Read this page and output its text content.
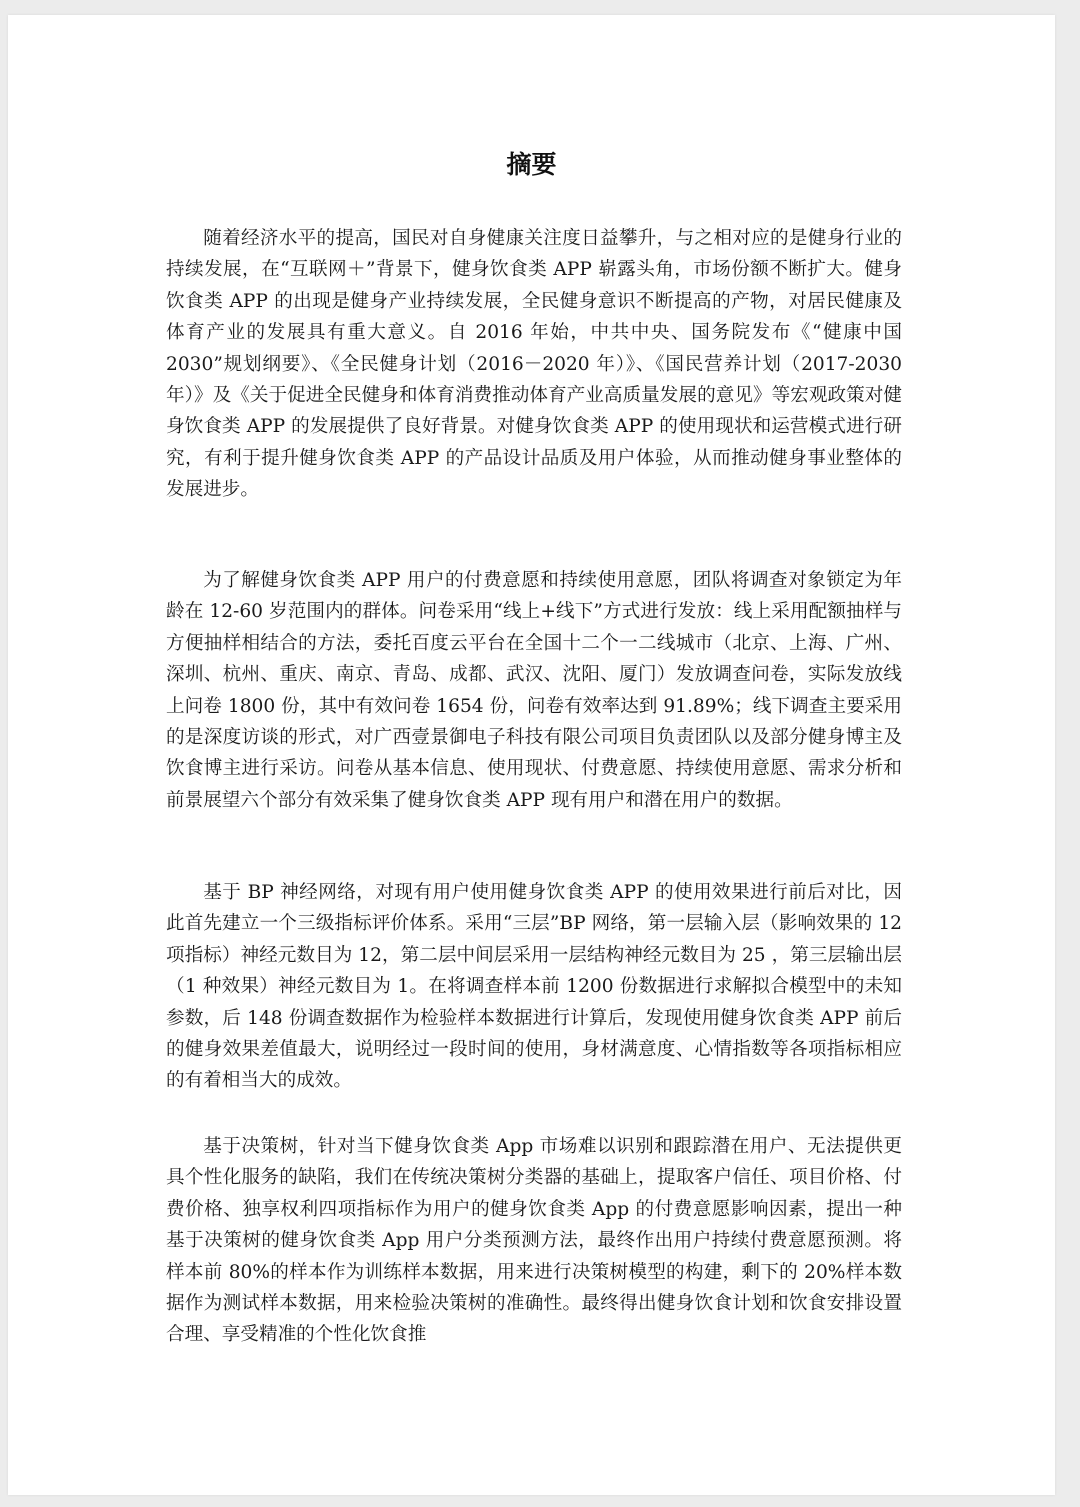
摘要

随着经济水平的提高，国民对自身健康关注度日益攀升，与之相对应的是健身行业的持续发展，在“互联网＋”背景下，健身饮食类 APP 崭露头角，市场份额不断扩大。健身饮食类 APP 的出现是健身产业持续发展，全民健身意识不断提高的产物，对居民健康及体育产业的发展具有重大意义。自 2016 年始，中共中央、国务院发布《“健康中国 2030”规划纲要》、《全民健身计划（2016－2020 年）》、《国民营养计划（2017-2030 年）》及《关于促进全民健身和体育消费推动体育产业高质量发展的意见》等宏观政策对健身饮食类 APP 的发展提供了良好背景。对健身饮食类 APP 的使用现状和运营模式进行研究，有利于提升健身饮食类 APP 的产品设计品质及用户体验，从而推动健身事业整体的发展进步。

为了解健身饮食类 APP 用户的付费意愿和持续使用意愿，团队将调查对象锁定为年龄在 12-60 岁范围内的群体。问卷采用“线上+线下”方式进行发放：线上采用配额抽样与方便抽样相结合的方法，委托百度云平台在全国十二个一二线城市（北京、上海、广州、深圳、杭州、重庆、南京、青岛、成都、武汉、沈阳、厦门）发放调查问卷，实际发放线上问卷 1800 份，其中有效问卷 1654 份，问卷有效率达到 91.89%；线下调查主要采用的是深度访谈的形式，对广西壹景御电子科技有限公司项目负责团队以及部分健身博主及饮食博主进行采访。问卷从基本信息、使用现状、付费意愿、持续使用意愿、需求分析和前景展望六个部分有效采集了健身饮食类 APP 现有用户和潜在用户的数据。

基于 BP 神经网络，对现有用户使用健身饮食类 APP 的使用效果进行前后对比，因此首先建立一个三级指标评价体系。采用“三层”BP 网络，第一层输入层（影响效果的 12 项指标）神经元数目为 12，第二层中间层采用一层结构神经元数目为 25 ，第三层输出层（1 种效果）神经元数目为 1。在将调查样本前 1200 份数据进行求解拟合模型中的未知参数，后 148 份调查数据作为检验样本数据进行计算后，发现使用健身饮食类 APP 前后的健身效果差值最大，说明经过一段时间的使用，身材满意度、心情指数等各项指标相应的有着相当大的成效。

基于决策树，针对当下健身饮食类 App 市场难以识别和跟踪潜在用户、无法提供更具个性化服务的缺陷，我们在传统决策树分类器的基础上，提取客户信任、项目价格、付费价格、独享权利四项指标作为用户的健身饮食类 App 的付费意愿影响因素，提出一种基于决策树的健身饮食类 App 用户分类预测方法，最终作出用户持续付费意愿预测。将样本前 80%的样本作为训练样本数据，用来进行决策树模型的构建，剩下的 20%样本数据作为测试样本数据，用来检验决策树的准确性。最终得出健身饮食计划和饮食安排设置合理、享受精准的个性化饮食推
